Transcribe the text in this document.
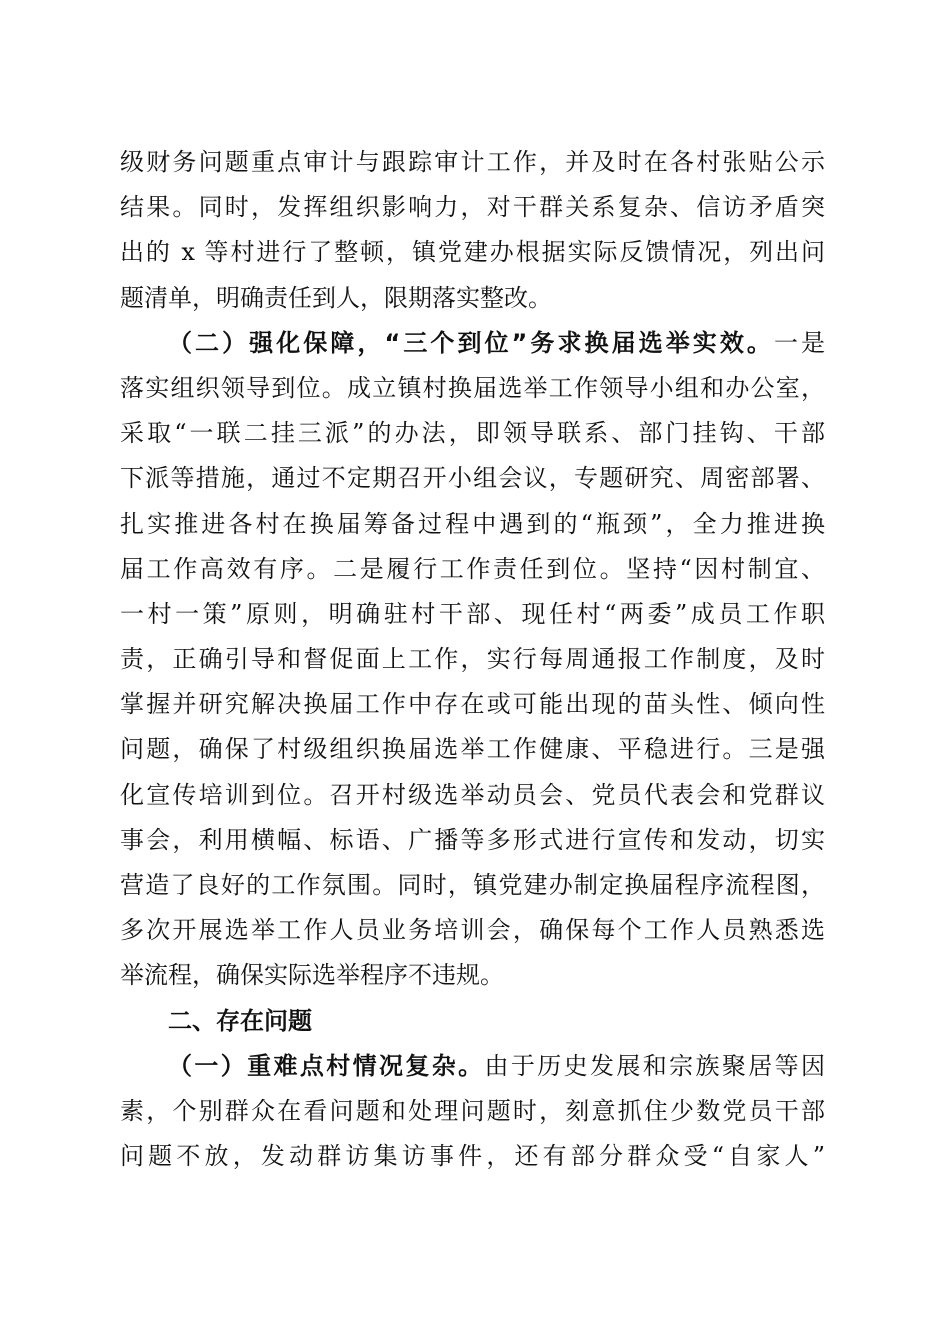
级财务问题重点审计与跟踪审计工作，并及时在各村张贴公示
结果。同时，发挥组织影响力，对干群关系复杂、信访矛盾突
出的 x 等村进行了整顿，镇党建办根据实际反馈情况，列出问
题清单，明确责任到人，限期落实整改。
（二）强化保障，“三个到位”务求换届选举实效。一是
落实组织领导到位。成立镇村换届选举工作领导小组和办公室，
采取“一联二挂三派”的办法，即领导联系、部门挂钩、干部
下派等措施，通过不定期召开小组会议，专题研究、周密部署、
扎实推进各村在换届筹备过程中遇到的“瓶颈”，全力推进换
届工作高效有序。二是履行工作责任到位。坚持“因村制宜、
一村一策”原则，明确驻村干部、现任村“两委”成员工作职
责，正确引导和督促面上工作，实行每周通报工作制度，及时
掌握并研究解决换届工作中存在或可能出现的苗头性、倾向性
问题，确保了村级组织换届选举工作健康、平稳进行。三是强
化宣传培训到位。召开村级选举动员会、党员代表会和党群议
事会，利用横幅、标语、广播等多形式进行宣传和发动，切实
营造了良好的工作氛围。同时，镇党建办制定换届程序流程图，
多次开展选举工作人员业务培训会，确保每个工作人员熟悉选
举流程，确保实际选举程序不违规。
二、存在问题
（一）重难点村情况复杂。由于历史发展和宗族聚居等因
素，个别群众在看问题和处理问题时，刻意抓住少数党员干部
问题不放，发动群访集访事件，还有部分群众受“自家人”
